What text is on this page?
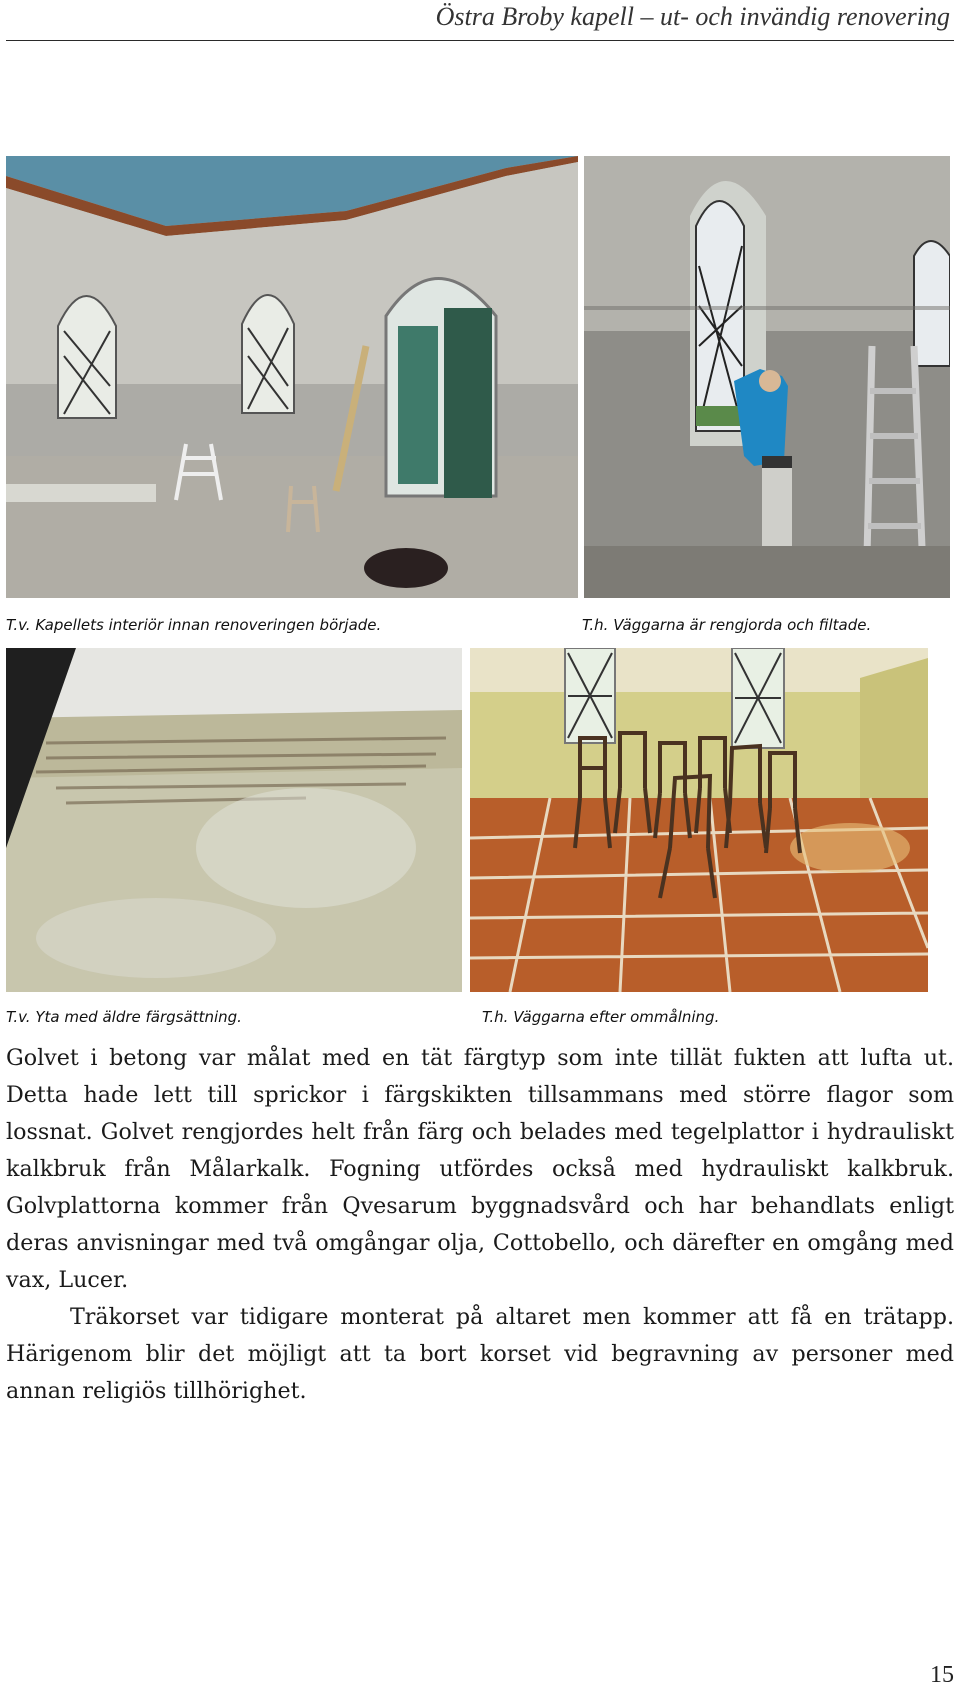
Östra Broby kapell – ut- och invändig renovering
T.v. Kapellets interiör innan renoveringen började.	T.h. Väggarna är rengjorda och filtade.
T.v. Yta med äldre färgsättning.	T.h. Väggarna efter ommålning.

Golvet i betong var målat med en tät färgtyp som inte tillät fukten att lufta ut. Detta hade lett till sprickor i färgskikten tillsammans med större flagor som lossnat. Golvet rengjordes helt från färg och belades med tegelplattor i hydrauliskt kalkbruk från Målarkalk. Fogning utfördes också med hydrauliskt kalkbruk. Golvplattorna kommer från Qvesarum byggnadsvård och har behandlats enligt deras anvisningar med två omgångar olja, Cottobello, och därefter en omgång med vax, Lucer.

Träkorset var tidigare monterat på altaret men kommer att få en trätapp. Härigenom blir det möjligt att ta bort korset vid begravning av personer med annan religiös tillhörighet.

15
